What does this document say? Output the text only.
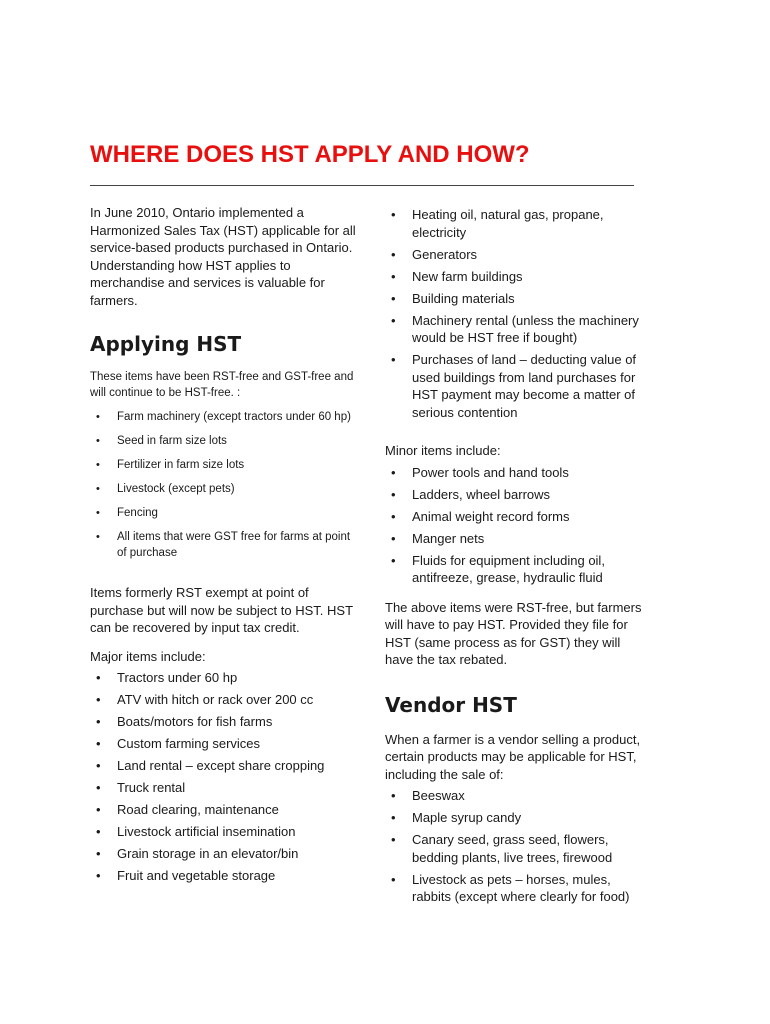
WHERE DOES HST APPLY AND HOW?

In June 2010, Ontario implemented a Harmonized Sales Tax (HST) applicable for all service-based products purchased in Ontario. Understanding how HST applies to merchandise and services is valuable for farmers.

Applying HST

These items have been RST-free and GST-free and will continue to be HST-free. :

• Farm machinery (except tractors under 60 hp)
• Seed in farm size lots
• Fertilizer in farm size lots
• Livestock (except pets)
• Fencing
• All items that were GST free for farms at point of purchase

Items formerly RST exempt at point of purchase but will now be subject to HST. HST can be recovered by input tax credit.

Major items include:

• Tractors under 60 hp
• ATV with hitch or rack over 200 cc
• Boats/motors for fish farms
• Custom farming services
• Land rental – except share cropping
• Truck rental
• Road clearing, maintenance
• Livestock artificial insemination
• Grain storage in an elevator/bin
• Fruit and vegetable storage
• Heating oil, natural gas, propane, electricity
• Generators
• New farm buildings
• Building materials
• Machinery rental (unless the machinery would be HST free if bought)
• Purchases of land – deducting value of used buildings from land purchases for HST payment may become a matter of serious contention

Minor items include:

• Power tools and hand tools
• Ladders, wheel barrows
• Animal weight record forms
• Manger nets
• Fluids for equipment including oil, antifreeze, grease, hydraulic fluid

The above items were RST-free, but farmers will have to pay HST. Provided they file for HST (same process as for GST) they will have the tax rebated.

Vendor HST

When a farmer is a vendor selling a product, certain products may be applicable for HST, including the sale of:

• Beeswax
• Maple syrup candy
• Canary seed, grass seed, flowers, bedding plants, live trees, firewood
• Livestock as pets – horses, mules, rabbits (except where clearly for food)
